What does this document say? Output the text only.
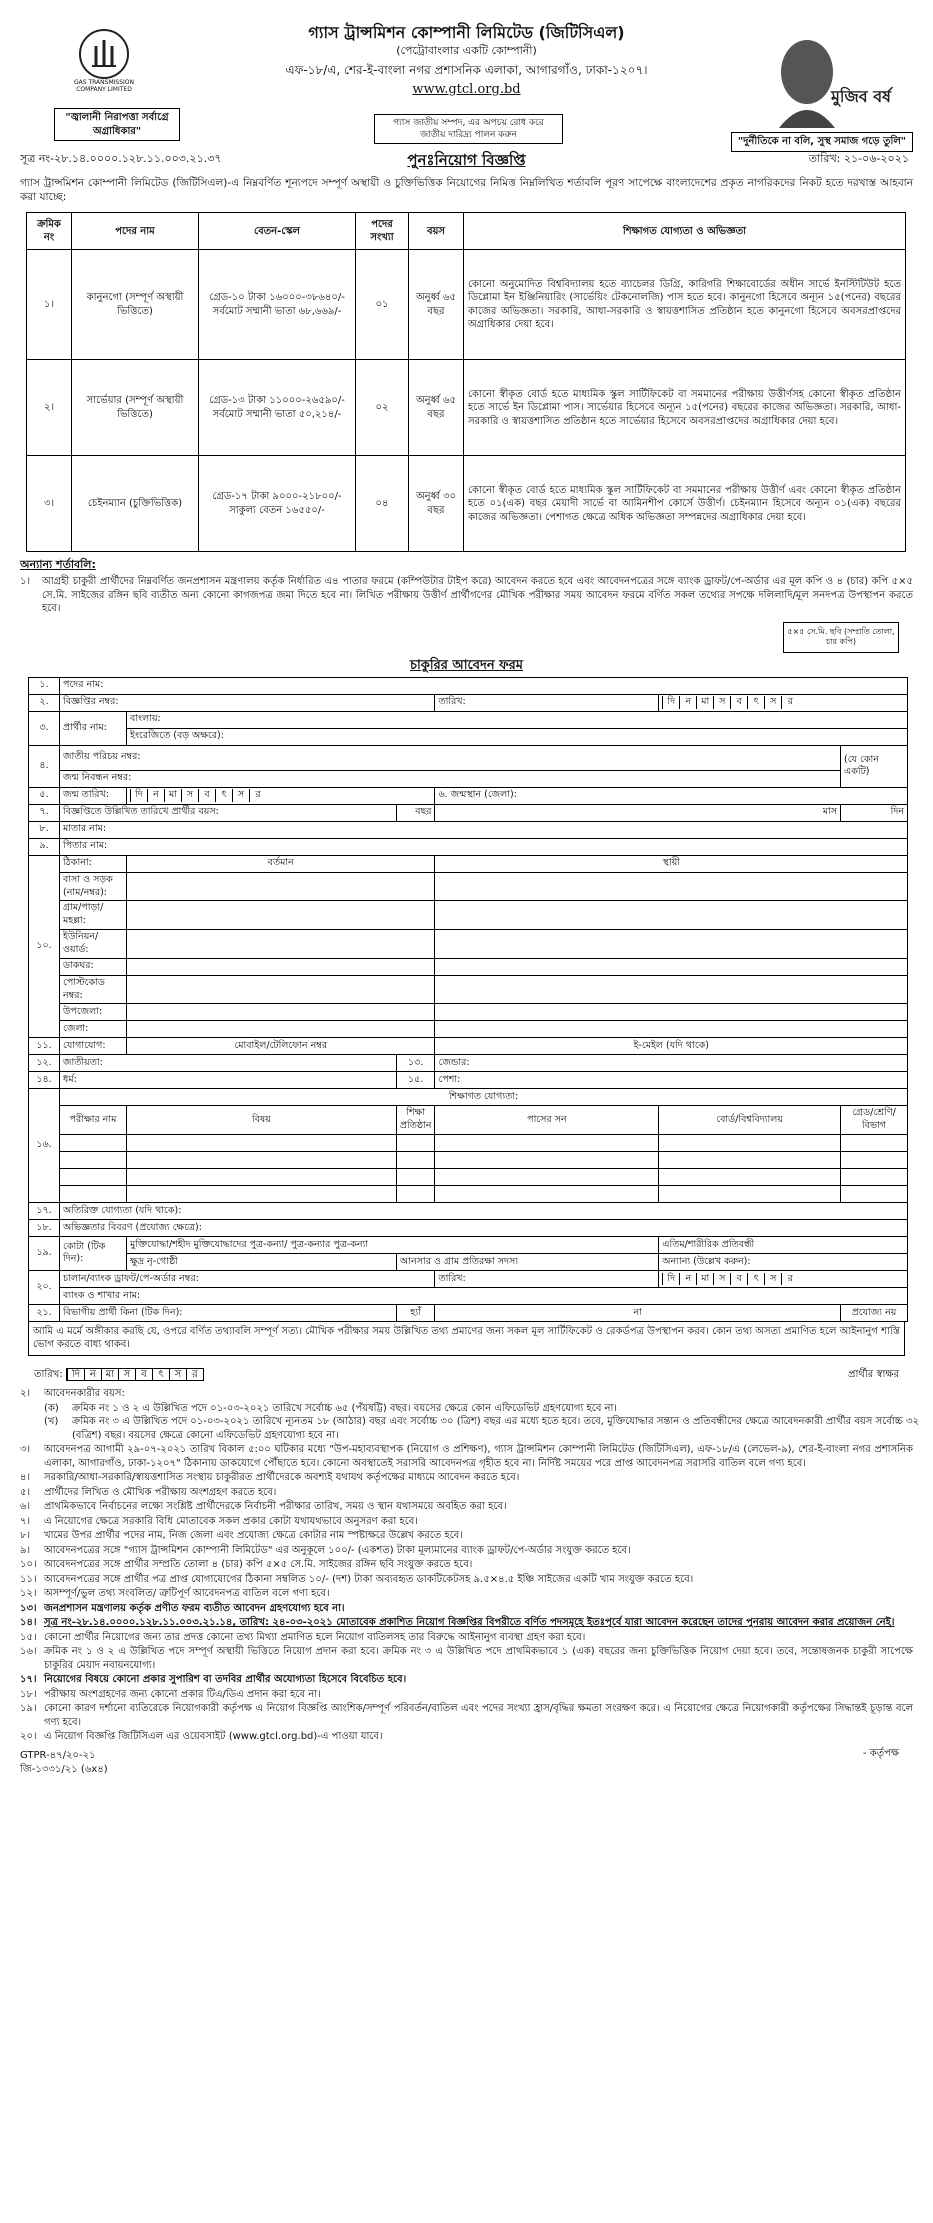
GAS TRANSMISSION COMPANY LIMITED
গ্যাস ট্রান্সমিশন কোম্পানী লিমিটেড (জিটিসিএল)
(পেট্রোবাংলার একটি কোম্পানী)
এফ-১৮/এ, শের-ই-বাংলা নগর প্রশাসনিক এলাকা, আগারগাঁও, ঢাকা-১২০৭।
www.gtcl.org.bd
"জ্বালানী নিরাপত্তা সর্বাগ্রে অগ্রাধিকার"
গ্যাস জাতীয় সম্পদ, এর অপচয় রোধ করে জাতীয় দারিদ্র্য পালন করুন
মুজিব বর্ষ
"দুর্নীতিকে না বলি, সুস্থ সমাজ গড়ে তুলি"
সূত্র নং-২৮.১৪.০০০০.১২৮.১১.০০৩.২১.৩৭	পুনঃনিয়োগ বিজ্ঞপ্তি	তারিখ: ২১-০৬-২০২১
গ্যাস ট্রান্সমিশন কোম্পানী লিমিটেড (জিটিসিএল)-এ নিম্নবর্ণিত শূন্যপদে সম্পূর্ণ অস্থায়ী ও চুক্তিভিত্তিক নিয়োগের নিমিত্ত নিম্নলিখিত শর্তাবলি পূরণ সাপেক্ষে বাংলাদেশের প্রকৃত নাগরিকদের নিকট হতে দরখাস্ত আহবান করা যাচ্ছে:
ক্রমিক নং	পদের নাম	বেতন-স্কেল	পদের সংখ্যা	বয়স	শিক্ষাগত যোগ্যতা ও অভিজ্ঞতা
১।	কানুনগো (সম্পূর্ণ অস্থায়ী ভিত্তিতে)	গ্রেড-১০ টাকা ১৬০০০-৩৮৬৪০/- সর্বমোট সম্মানী ভাতা ৬৮,৬৬৯/-	০১	অনুর্ধ্ব ৬৫ বছর	কোনো অনুমোদিত বিশ্ববিদ্যালয় হতে ব্যাচেলর ডিগ্রি, কারিগরি শিক্ষাবোর্ডের অধীন সার্ভে ইনস্টিটিউট হতে ডিপ্লোমা ইন ইঞ্জিনিয়ারিং (সার্ভেয়িং টেকনোলজি) পাস হতে হবে। কানুনগো হিসেবে অন্যূন ১৫(পনের) বছরের কাজের অভিজ্ঞতা। সরকারি, আধা-সরকারি ও স্বায়ত্তশাসিত প্রতিষ্ঠান হতে কানুনগো হিসেবে অবসরপ্রাপ্তদের অগ্রাধিকার দেয়া হবে।
২।	সার্ভেয়ার (সম্পূর্ণ অস্থায়ী ভিত্তিতে)	গ্রেড-১৩ টাকা ১১০০০-২৬৫৯০/- সর্বমোট সম্মানী ভাতা ৫০,২১৪/-	০২	অনুর্ধ্ব ৬৫ বছর	কোনো স্বীকৃত বোর্ড হতে মাধ্যমিক স্কুল সার্টিফিকেট বা সমমানের পরীক্ষায় উত্তীর্ণসহ কোনো স্বীকৃত প্রতিষ্ঠান হতে সার্ভে ইন ডিপ্লোমা পাস। সার্ভেয়ার হিসেবে অন্যূন ১৫(পনের) বছরের কাজের অভিজ্ঞতা। সরকারি, আধা-সরকারি ও স্বায়ত্তশাসিত প্রতিষ্ঠান হতে সার্ভেয়ার হিসেবে অবসরপ্রাপ্তদের অগ্রাধিকার দেয়া হবে।
৩।	চেইনম্যান (চুক্তিভিত্তিক)	গ্রেড-১৭ টাকা ৯০০০-২১৮০০/- সাকুল্য বেতন ১৬৫৫০/-	০৪	অনুর্ধ্ব ৩০ বছর	কোনো স্বীকৃত বোর্ড হতে মাধ্যমিক স্কুল সার্টিফিকেট বা সমমানের পরীক্ষায় উত্তীর্ণ এবং কোনো স্বীকৃত প্রতিষ্ঠান হতে ০১(এক) বছর মেয়াদী সার্ভে বা আমিনশীপ কোর্সে উত্তীর্ণ। চেইনম্যান হিসেবে অন্যূন ০১(এক) বছরের কাজের অভিজ্ঞতা। পেশাগত ক্ষেত্রে অধিক অভিজ্ঞতা সম্পন্নদের অগ্রাধিকার দেয়া হবে।
অন্যান্য শর্তাবলি:
১।	আগ্রহী চাকুরী প্রার্থীদের নিম্নবর্ণিত জনপ্রশাসন মন্ত্রণালয় কর্তৃক নির্ধারিত এ৪ পাতার ফরমে (কম্পিউটার টাইপ করে) আবেদন করতে হবে এবং আবেদনপত্রের সঙ্গে ব্যাংক ড্রাফট/পে-অর্ডার এর মূল কপি ও ৪ (চার) কপি ৫×৫ সে.মি. সাইজের রঙ্গিন ছবি ব্যতীত অন্য কোনো কাগজপত্র জমা দিতে হবে না। লিখিত পরীক্ষায় উত্তীর্ণ প্রার্থীগণের মৌখিক পরীক্ষার সময় আবেদন ফরমে বর্ণিত সকল তথ্যের সপক্ষে দলিলাদি/মূল সনদপত্র উপস্থাপন করতে হবে।
৫×৫ সে.মি. ছবি (সম্প্রতি তোলা, চার কপি)
চাকুরির আবেদন ফরম
১.	পদের নাম:					
২.	বিজ্ঞপ্তির নম্বর:			তারিখ:	দি ন মা স ব ৎ স র	
৩.	প্রার্থীর নাম:	বাংলায়:				
		ইংরেজিতে (বড় অক্ষরে):				
৪.	জাতীয় পরিচয় নম্বর:					(যে কোন একটি)
	জন্ম নিবন্ধন নম্বর:					
৫.	জন্ম তারিখ:	দি ন মা স ব ৎ স র		৬. জন্মস্থান (জেলা):		
৭.	বিজ্ঞপ্তিতে উল্লিখিত তারিখে প্রার্থীর বয়স:		বছর	মাস		দিন
৮.	মাতার নাম:					
৯.	পিতার নাম:					
১০.	ঠিকানা:	বর্তমান		স্থায়ী		
	বাসা ও সড়ক (নাম/নম্বর):					
	গ্রাম/পাড়া/মহল্লা:					
	ইউনিয়ন/ওয়ার্ড:					
	ডাকঘর:					
	পোস্টকোড নম্বর:					
	উপজেলা:					
	জেলা:					
১১.	যোগাযোগ:	মোবাইল/টেলিফোন নম্বর		ই-মেইল (যদি থাকে)		
১২.	জাতীয়তা:		১৩.	জেন্ডার:		
১৪.	ধর্ম:		১৫.	পেশা:		
১৬.	শিক্ষাগত যোগ্যতা:					
	পরীক্ষার নাম	বিষয়	শিক্ষা প্রতিষ্ঠান	পাসের সন	বোর্ড/বিশ্ববিদ্যালয়	গ্রেড/শ্রেণি/বিভাগ

১৭.	অতিরিক্ত যোগ্যতা (যদি থাকে):					
১৮.	অভিজ্ঞতার বিবরণ (প্রযোজ্য ক্ষেত্রে):					
১৯.	কোটা (টিক দিন):	মুক্তিযোদ্ধা/শহীদ মুক্তিযোদ্ধাদের পুত্র-কন্যা/ পুত্র-কন্যার পুত্র-কন্যা			এতিম/শারীরিক প্রতিবন্ধী	
		ক্ষুদ্র নৃ-গোষ্ঠী	আনসার ও গ্রাম প্রতিরক্ষা সদস্য		অন্যান্য (উল্লেখ করুন):	
২০.	চালান/ব্যাংক ড্রাফট/পে-অর্ডার নম্বর:			তারিখ:	দি ন মা স ব ৎ স র	
	ব্যাংক ও শাখার নাম:					
২১.	বিভাগীয় প্রার্থী কিনা (টিক দিন):		হ্যাঁ	না		প্রযোজ্য নয়
আমি এ মর্মে অঙ্গীকার করছি যে, ওপরে বর্ণিত তথ্যাবলি সম্পূর্ণ সত্য। মৌখিক পরীক্ষার সময় উল্লিখিত তথ্য প্রমাণের জন্য সকল মূল সার্টিফিকেট ও রেকর্ডপত্র উপস্থাপন করব। কোন তথ্য অসত্য প্রমাণিত হলে আইনানুগ শাস্তি ভোগ করতে বাধ্য থাকব।
তারিখ: দি ন মা স ব ৎ স র	প্রার্থীর স্বাক্ষর
২।	আবেদনকারীর বয়স:
(ক)	ক্রমিক নং ১ ও ২ এ উল্লিখিত পদে ০১-০৩-২০২১ তারিখে সর্বোচ্চ ৬৫ (পঁয়ষট্টি) বছর। বয়সের ক্ষেত্রে কোন এফিডেভিট গ্রহণযোগ্য হবে না।
(খ)	ক্রমিক নং ৩ এ উল্লিখিত পদে ০১-০৩-২০২১ তারিখে ন্যূনতম ১৮ (আঠার) বছর এবং সর্বোচ্চ ৩০ (ত্রিশ) বছর এর মধ্যে হতে হবে। তবে, মুক্তিযোদ্ধার সন্তান ও প্রতিবন্ধীদের ক্ষেত্রে আবেদনকারী প্রার্থীর বয়স সর্বোচ্চ ৩২ (বত্রিশ) বছর। বয়সের ক্ষেত্রে কোনো এফিডেভিট গ্রহণযোগ্য হবে না।
৩।	আবেদনপত্র আগামী ২৯-০৭-২০২১ তারিখ বিকাল ৫:০০ ঘটিকার মধ্যে "উপ-মহাব্যবস্থাপক (নিয়োগ ও প্রশিক্ষণ), গ্যাস ট্রান্সমিশন কোম্পানী লিমিটেড (জিটিসিএল), এফ-১৮/এ (লেভেল-৯), শের-ই-বাংলা নগর প্রশাসনিক এলাকা, আগারগাঁও, ঢাকা-১২০৭" ঠিকানায় ডাকযোগে পৌঁছাতে হবে। কোনো অবস্থাতেই সরাসরি আবেদনপত্র গৃহীত হবে না। নির্দিষ্ট সময়ের পরে প্রাপ্ত আবেদনপত্র সরাসরি বাতিল বলে গণ্য হবে।
৪।	সরকারি/আধা-সরকারি/স্বায়ত্তশাসিত সংস্থায় চাকুরীরত প্রার্থীদেরকে অবশ্যই যথাযথ কর্তৃপক্ষের মাধ্যমে আবেদন করতে হবে।
৫।	প্রার্থীদের লিখিত ও মৌখিক পরীক্ষায় অংশগ্রহণ করতে হবে।
৬।	প্রাথমিকভাবে নির্বাচনের লক্ষ্যে সংশ্লিষ্ট প্রার্থীদেরকে নির্বাচনী পরীক্ষার তারিখ, সময় ও স্থান যথাসময়ে অবহিত করা হবে।
৭।	এ নিয়োগের ক্ষেত্রে সরকারি বিধি মোতাবেক সকল প্রকার কোটা যথাযথভাবে অনুসরণ করা হবে।
৮।	খামের উপর প্রার্থীর পদের নাম, নিজ জেলা এবং প্রযোজ্য ক্ষেত্রে কোটার নাম স্পষ্টাক্ষরে উল্লেখ করতে হবে।
৯।	আবেদনপত্রের সঙ্গে "গ্যাস ট্রান্সমিশন কোম্পানী লিমিটেড" এর অনুকূলে ১০০/- (একশত) টাকা মূল্যমানের ব্যাংক ড্রাফট/পে-অর্ডার সংযুক্ত করতে হবে।
১০। আবেদনপত্রের সঙ্গে প্রার্থীর সম্প্রতি তোলা ৪ (চার) কপি ৫×৫ সে.মি. সাইজের রঙ্গিন ছবি সংযুক্ত করতে হবে।
১১। আবেদনপত্রের সঙ্গে প্রার্থীর পত্র প্রাপ্ত যোগাযোগের ঠিকানা সম্বলিত ১০/- (দশ) টাকা অব্যবহৃত ডাকটিকেটসহ ৯.৫×৪.৫ ইঞ্চি সাইজের একটি খাম সংযুক্ত করতে হবে।
১২। অসম্পূর্ণ/ভুল তথ্য সংবলিত/ ত্রুটিপূর্ণ আবেদনপত্র বাতিল বলে গণ্য হবে।
১৩। জনপ্রশাসন মন্ত্রণালয় কর্তৃক প্রণীত ফরম ব্যতীত আবেদন গ্রহণযোগ্য হবে না।
১৪। সূত্র নং-২৮.১৪.০০০০.১২৮.১১.০০৩.২১.১৪, তারিখ: ২৪-০৩-২০২১ মোতাবেক প্রকাশিত নিয়োগ বিজ্ঞপ্তির বিপরীতে বর্ণিত পদসমূহে ইতঃপূর্বে যারা আবেদন করেছেন তাদের পুনরায় আবেদন করার প্রয়োজন নেই।
১৫। কোনো প্রার্থীর নিয়োগের জন্য তার প্রদত্ত কোনো তথ্য মিথ্যা প্রমাণিত হলে নিয়োগ বাতিলসহ তার বিরুদ্ধে আইনানুগ ব্যবস্থা গ্রহণ করা হবে।
১৬। ক্রমিক নং ১ ও ২ এ উল্লিখিত পদে সম্পূর্ণ অস্থায়ী ভিত্তিতে নিয়োগ প্রদান করা হবে। ক্রমিক নং ৩ এ উল্লিখিত পদে প্রাথমিকভাবে ১ (এক) বছরের জন্য চুক্তিভিত্তিক নিয়োগ দেয়া হবে। তবে, সন্তোষজনক চাকুরী সাপেক্ষে চাকুরির মেয়াদ নবায়নযোগ্য।
১৭। নিয়োগের বিষয়ে কোনো প্রকার সুপারিশ বা তদবির প্রার্থীর অযোগ্যতা হিসেবে বিবেচিত হবে।
১৮। পরীক্ষায় অংশগ্রহণের জন্য কোনো প্রকার টিএ/ডিএ প্রদান করা হবে না।
১৯। কোনো কারণ দর্শানো ব্যতিরেকে নিয়োগকারী কর্তৃপক্ষ এ নিয়োগ বিজ্ঞপ্তি আংশিক/সম্পূর্ণ পরিবর্তন/বাতিল এবং পদের সংখ্যা হ্রাস/বৃদ্ধির ক্ষমতা সংরক্ষণ করে। এ নিয়োগের ক্ষেত্রে নিয়োগকারী কর্তৃপক্ষের সিদ্ধান্তই চূড়ান্ত বলে গণ্য হবে।
২০। এ নিয়োগ বিজ্ঞপ্তি জিটিসিএল এর ওয়েবসাইট (www.gtcl.org.bd)-এ পাওয়া যাবে।
GTPR-৪৭/২০-২১
জি-১৩৩১/২১ (৬x৪)
- কর্তৃপক্ষ
